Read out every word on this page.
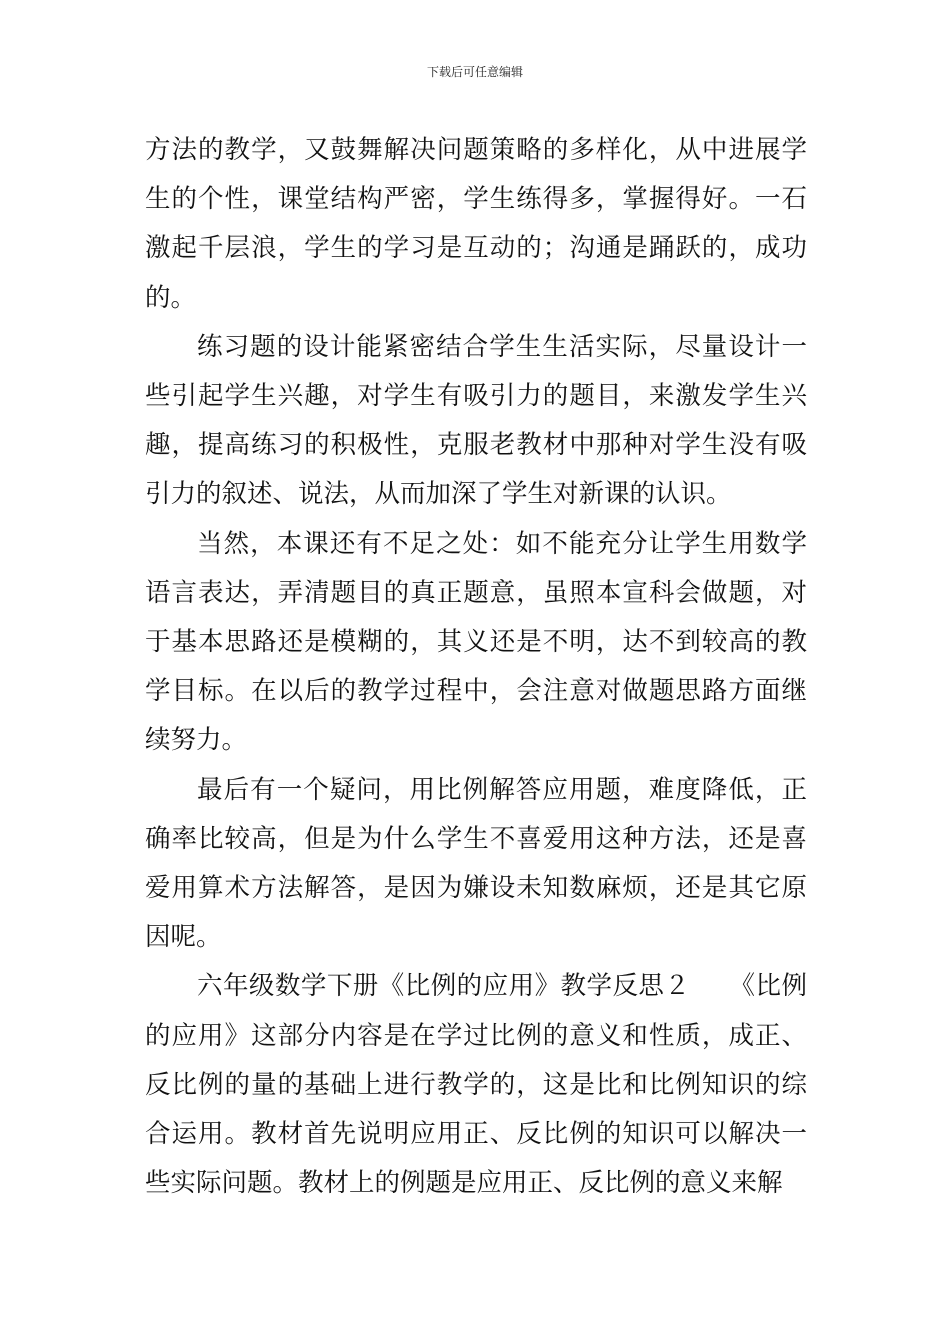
下载后可任意编辑

方法的教学，又鼓舞解决问题策略的多样化，从中进展学生的个性，课堂结构严密，学生练得多，掌握得好。一石激起千层浪，学生的学习是互动的；沟通是踊跃的，成功的。

练习题的设计能紧密结合学生生活实际，尽量设计一些引起学生兴趣，对学生有吸引力的题目，来激发学生兴趣，提高练习的积极性，克服老教材中那种对学生没有吸引力的叙述、说法，从而加深了学生对新课的认识。

当然，本课还有不足之处：如不能充分让学生用数学语言表达，弄清题目的真正题意，虽照本宣科会做题，对于基本思路还是模糊的，其义还是不明，达不到较高的教学目标。在以后的教学过程中，会注意对做题思路方面继续努力。

最后有一个疑问，用比例解答应用题，难度降低，正确率比较高，但是为什么学生不喜爱用这种方法，还是喜爱用算术方法解答，是因为嫌设未知数麻烦，还是其它原因呢。

六年级数学下册《比例的应用》教学反思２　　《比例的应用》这部分内容是在学过比例的意义和性质，成正、反比例的量的基础上进行教学的，这是比和比例知识的综合运用。教材首先说明应用正、反比例的知识可以解决一些实际问题。教材上的例题是应用正、反比例的意义来解
